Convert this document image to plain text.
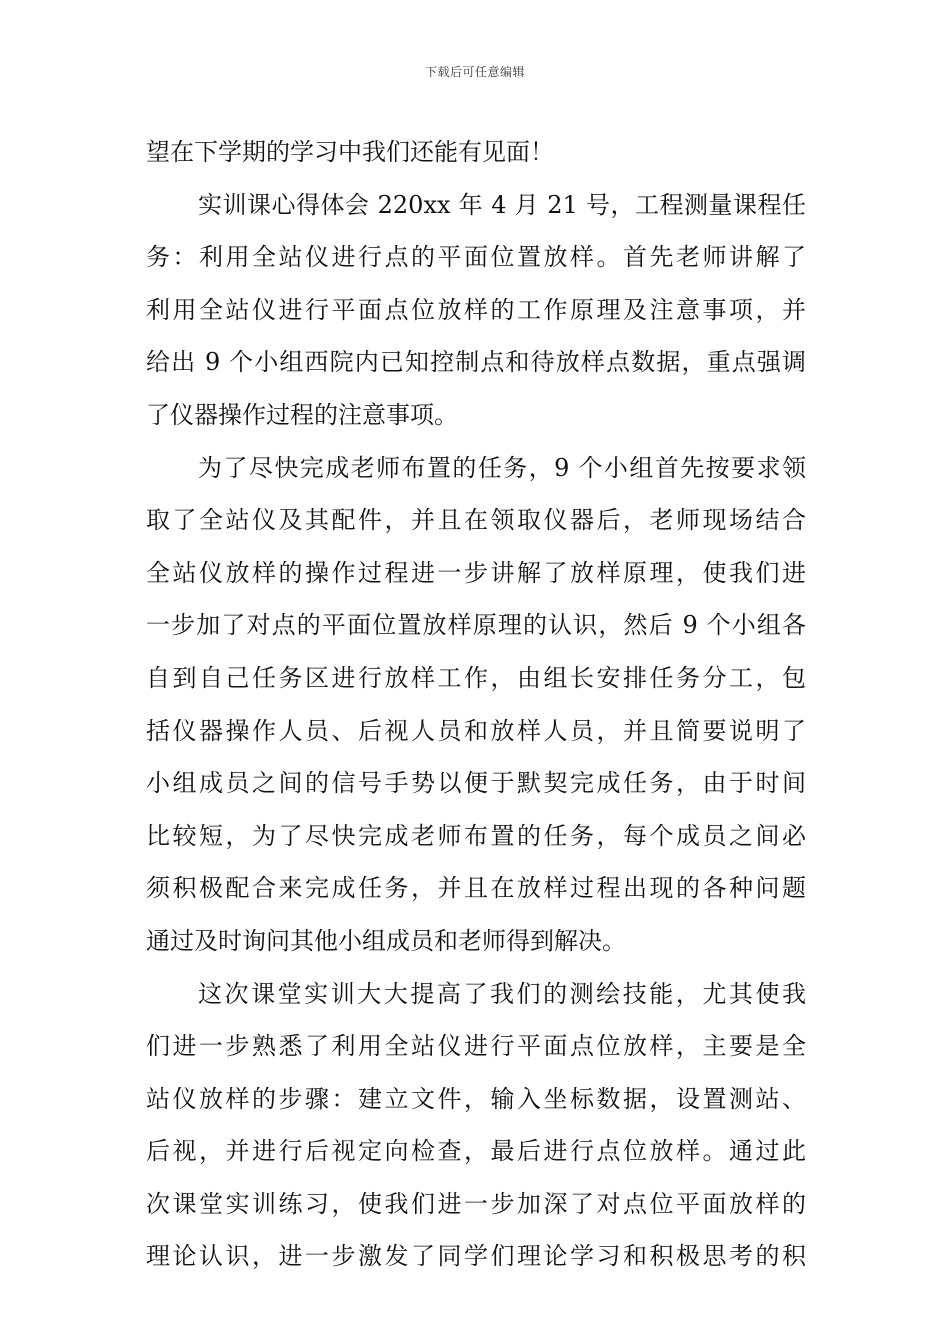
下载后可任意编辑
望在下学期的学习中我们还能有见面！
实训课心得体会 220xx 年 4 月 21 号，工程测量课程任
务：利用全站仪进行点的平面位置放样。首先老师讲解了
利用全站仪进行平面点位放样的工作原理及注意事项，并
给出 9 个小组西院内已知控制点和待放样点数据，重点强调
了仪器操作过程的注意事项。
为了尽快完成老师布置的任务，9 个小组首先按要求领
取了全站仪及其配件，并且在领取仪器后，老师现场结合
全站仪放样的操作过程进一步讲解了放样原理，使我们进
一步加了对点的平面位置放样原理的认识，然后 9 个小组各
自到自己任务区进行放样工作，由组长安排任务分工，包
括仪器操作人员、后视人员和放样人员，并且简要说明了
小组成员之间的信号手势以便于默契完成任务，由于时间
比较短，为了尽快完成老师布置的任务，每个成员之间必
须积极配合来完成任务，并且在放样过程出现的各种问题
通过及时询问其他小组成员和老师得到解决。
这次课堂实训大大提高了我们的测绘技能，尤其使我
们进一步熟悉了利用全站仪进行平面点位放样，主要是全
站仪放样的步骤：建立文件，输入坐标数据，设置测站、
后视，并进行后视定向检查，最后进行点位放样。通过此
次课堂实训练习，使我们进一步加深了对点位平面放样的
理论认识，进一步激发了同学们理论学习和积极思考的积
